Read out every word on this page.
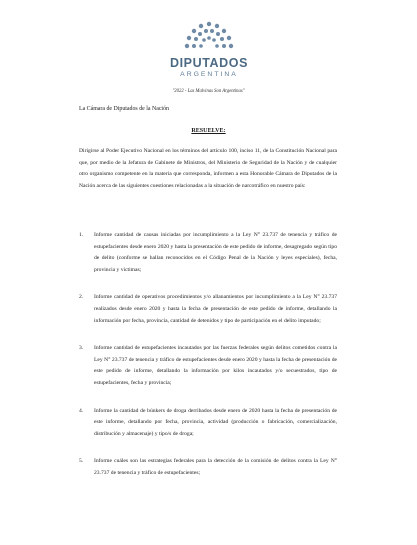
DIPUTADOS
ARGENTINA
"2022 - Las Malvinas Son Argentinas"
La Cámara de Diputados de la Nación
RESUELVE:
Dirigirse al Poder Ejecutivo Nacional en los términos del artículo 100, inciso 11, de la Constitución Nacional para que, por medio de la Jefatura de Gabinete de Ministros, del Ministerio de Seguridad de la Nación y de cualquier otro organismo competente en la materia que corresponda, informen a esta Honorable Cámara de Diputados de la Nación acerca de las siguientes cuestiones relacionadas a la situación de narcotráfico en nuestro país:
1. Informe cantidad de causas iniciadas por incumplimiento a la Ley N° 23.737 de tenencia y tráfico de estupefacientes desde enero 2020 y hasta la presentación de este pedido de informe, desagregado según tipo de delito (conforme se hallan reconocidos en el Código Penal de la Nación y leyes especiales), fecha, provincia y víctimas;
2. Informe cantidad de operativos procedimientos y/o allanamientos por incumplimiento a la Ley N° 23.737 realizados desde enero 2020 y hasta la fecha de presentación de este pedido de informe, detallando la información por fecha, provincia, cantidad de detenidos y tipo de participación en el delito imputado;
3. Informe cantidad de estupefacientes incautados por las fuerzas federales según delitos cometidos contra la Ley N° 23.737 de tenencia y tráfico de estupefacientes desde enero 2020 y hasta la fecha de presentación de este pedido de informe, detallando la información por kilos incautados y/o secuestrados, tipo de estupefacientes, fecha y provincia;
4. Informe la cantidad de búnkers de droga derribados desde enero de 2020 hasta la fecha de presentación de este informe, detallando por fecha, provincia, actividad (producción o fabricación, comercialización, distribución y almacenaje) y tipo/s de droga;
5. Informe cuáles son las estrategias federales para la detección de la comisión de delitos contra la Ley N° 23.737 de tenencia y tráfico de estupefacientes;
